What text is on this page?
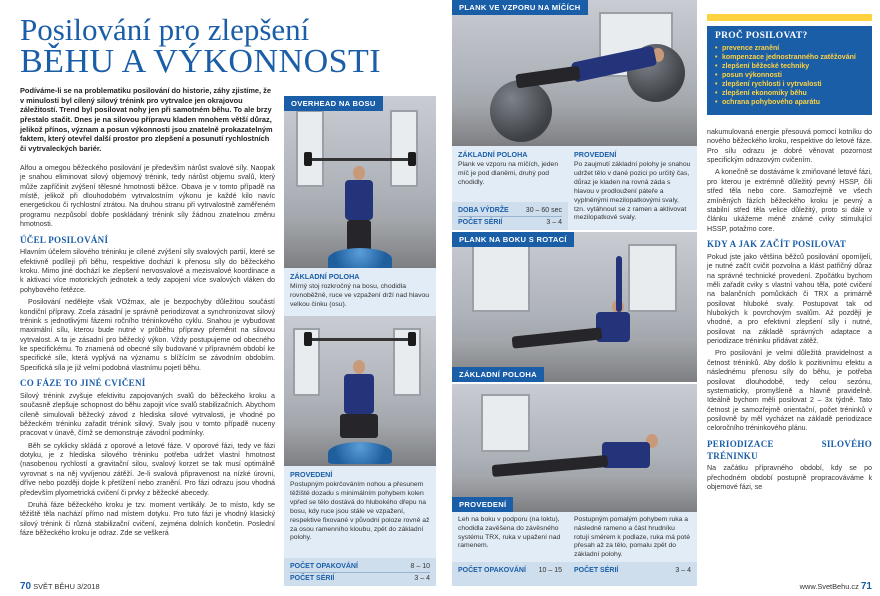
Posilování pro zlepšení
BĚHU A VÝKONNOSTI
Podíváme-li se na problematiku posilování do historie, záhy zjistíme, že v minulosti byl cílený silový trénink pro vytrvalce jen okrajovou záležitostí. Trend byl posilovat nohy jen při samotném běhu. To ale brzy přestalo stačit. Dnes je na silovou přípravu kladen mnohem větší důraz, jelikož přínos, význam a posun výkonnosti jsou znatelně prokazatelným faktem, který otevřel další prostor pro zlepšení a posunutí rychlostních či vytrvaleckých bariér.

Alfou a omegou běžeckého posilování je především nárůst svalové síly. Naopak je snahou eliminovat silový objemový trénink, tedy nárůst objemu svalů, který může zapříčinit zvýšení tělesné hmotnosti běžce. Obava je v tomto případě na místě, jelikož při dlouhodobém vytrvalostním výkonu je každé kilo navíc energetickou či rychlostní ztrátou. Na druhou stranu při vytrvalostně zaměřeném programu nezpůsobí dobře poskládaný trénink síly žádnou znatelnou změnu hmotnosti.

ÚČEL POSILOVÁNÍ

Hlavním účelem silového tréninku je cílené zvýšení síly svalových partií, které se efektivně podílejí při běhu, respektive dochází k přenosu síly do běžeckého kroku. Mimo jiné dochází ke zlepšení nervosvalové a mezisvalové koordinace a k aktivaci více motorických jednotek a tedy zapojení více svalových vláken do pohybového řetězce.

Posilování nedělejte však VOžmax, ale je bezpochyby důležitou součástí kondiční přípravy. Zcela zásadní je správně periodizovat a synchronizovat silový trénink s jednotlivými fázemi ročního tréninkového cyklu. Snahou je vybudovat maximální sílu, kterou bude nutné v průběhu přípravy přeměnit na silovou vytrvalost. A ta je zásadní pro běžecký výkon. Vždy postupujeme od obecného ke specifickému. To znamená od obecné síly budované v přípravném období ke specifické síle, která vyplývá na významu s blížícím se závodním obdobím. Specifická síla je již velmi podobná vlastnímu pojetí běhu.

CO FÁZE TO JINÉ CVIČENÍ

Silový trénink zvyšuje efektivitu zapojovaných svalů do běžeckého kroku a současně zlepšuje schopnost do běhu zapojit více svalů stabilizačních. Abychom cíleně simulovali běžecký závod z hlediska silové vytrvalosti, je vhodné po běžeckém tréninku zařadit trénink silový. Svaly jsou v tomto případě nuceny pracovat v únavě, čímž se demonstruje závodní podmínky.

Běh se cyklicky skládá z oporové a letové fáze. V oporové fázi, tedy ve fázi dotyku, je z hlediska silového tréninku potřeba udržet vlastní hmotnost (nasobenou rychlostí a gravitační silou, svalový korzet se tak musí optimálně vyrovnat s na něj vyvíjenou zátěží. Je-li svalová připravenost na nízké úrovni, dříve nebo později dojde k přetížení nebo zranění. Pro fázi odrazu jsou vhodná především plyometrická cvičení či prvky z běžecké abecedy.

Druhá fáze běžeckého kroku je tzv. moment vertikály. Je to místo, kdy se těžiště těla nachází přímo nad místem dotyku. Pro tuto fázi je vhodný klasický silový trénink či různá stabilizační cvičení, zejména dolních končetin. Poslední fáze běžeckého kroku je odraz. Zde se veškerá

OVERHEAD NA BOSU
ZÁKLADNÍ POLOHA
Mírný stoj rozkročný na bosu, chodidla rovnoběžně, ruce ve vzpažení drží nad hlavou velkou činku (osu).
PROVEDENÍ
Postupným pokrčováním nohou a přesunem těžiště dozadu s minimálním pohybem kolen vpřed se tělo dostává do hlubokého dřepu na bosu, kdy ruce jsou stále ve vzpažení, respektive fixované v původní poloze rovně až za osou ramenního kloubu, zpět do základní polohy.
POČET OPAKOVÁNÍ	8 – 10
POČET SÉRIÍ	3 – 4
70 SVĚT BĚHU 3/2018
PLANK VE VZPORU NA MÍČÍCH
ZÁKLADNÍ POLOHA
Plank ve vzporu na míčích, jeden míč je pod dlaněmi, druhý pod chodidly.
DOBA VÝDRŽE 30 – 60 sec
POČET SÉRIÍ	3 – 4
PROVEDENÍ
Po zaujmutí základní polohy je snahou udržet tělo v dané pozici po určitý čas, důraz je kladen na rovná záda s hlavou v prodloužení páteře a vyplněnými mezilopatkovými svaly, tzn. vytáhnout se z ramen a aktivovat mezilopatkové svaly.
PLANK NA BOKU S ROTACÍ
ZÁKLADNÍ POLOHA
PROVEDENÍ
Leh na boku v podporu (na loktu), chodidla zavěšena do závěsného systému TRX, ruka v upažení nad ramenem.
Postupným pomalým pohybem ruka a následně rameno a část hrudníku rotují směrem k podlaze, ruka má poté přesah až za tělo, pomalu zpět do základní polohy.
POČET OPAKOVÁNÍ 10 – 15 POČET SÉRIÍ	3 – 4
PROČ POSILOVAT?
• prevence zranění
• kompenzace jednostranného zatěžování
• zlepšení běžecké techniky
• posun výkonnosti
• zlepšení rychlosti i vytrvalosti
• zlepšení ekonomiky běhu
• ochrana pohybového aparátu

nakumulovaná energie přesouvá pomocí kotníku do nového běžeckého kroku, respektive do letové fáze. Pro sílu odrazu je dobré věnovat pozornost specifickým odrazovým cvičením.

A konečně se dostáváme k zmiňované letové fázi, pro kterou je extrémně důležitý pevný HSSP, čili střed těla nebo core. Samozřejmě ve všech zmíněných fázích běžeckého kroku je pevný a stabilní střed těla velice důležitý, proto si dále v článku ukážeme méně známé cviky stimulující HSSP, potažmo core.

KDY A JAK ZAČÍT POSILOVAT

Pokud jste jako většina běžců posilování opomíjeli, je nutné začít cvičit pozvolna a klást patřičný důraz na správné technické provedení. Zpočátku bychom měli zařadit cviky s vlastní vahou těla, poté cvičení na balančních pomůckách či TRX a primárně posilovat hluboké svaly. Postupovat tak od hlubokých k povrchovým svalům. Až později je vhodné, a pro efektivní zlepšení síly i nutné, posilovat na základě správných adaptace a periodizace tréninku přidávat zátěž.

Pro posilování je velmi důležitá pravidelnost a četnost tréninků. Aby došlo k pozitivnímu efektu a následnému přenosu síly do běhu, je potřeba posilovat dlouhodobě, tedy celou sezónu, systematicky, promyšleně a hlavně pravidelně. Ideálně bychom měli posilovat 2 – 3x týdně. Tato četnost je samozřejmě orientační, počet tréninků v posilovně by měl vycházet na základě periodizace celoročního tréninkového plánu.

PERIODIZACE SILOVÉHO TRÉNINKU

Na začátku přípravného období, kdy se po přechodném období postupně propracováváme k objemové fázi, se

www.SvetBehu.cz 71
